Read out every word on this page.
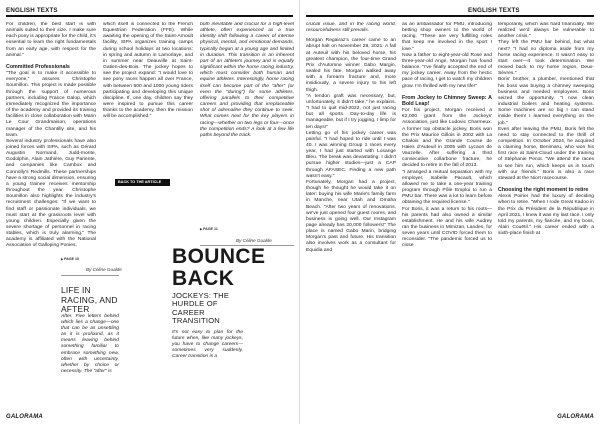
ENGLISH TEXTS

For children, the best start is with animals suited to their size. I make sure each pony is appropriate for the child, it's essential to learn the right fundamentals from an early age, with respect for the animal."

Committed Professionals

"The goal is to make it accessible to everyone," assures Christophe Soumillon. This project is made possible through the support of numerous partners, including France Galop, which immediately recognized the importance of the academy and provided its training facilities in close collaboration with Marin Le Cour Grandmaison, operations manager of the Chantilly site, and his team.

Several industry professionals have also joined forces with SIPA, such as Gérard Augustin Normand, Judd-monte, Godolphin, Alain Jathière, Guy Pariente, and companies like Cambox and Connolly's Redmills. These partnerships have a strong social dimension, ensuring a young trainee receives mentorship throughout the year. Christophe Soumillon also highlights the industry's recruitment challenges: "If we want to find staff or passionate individuals, we must start at the grassroots level with young children. Especially given the severe shortage of personnel in racing stables, which is truly alarming." The academy is affiliated with the National Association of Galloping Ponies,

which itself is connected to the French Equestrian Federation (FFE). While awaiting the opening of the Saint-Arnoult facility, SIPA organizes training camps during school holidays at two locations: in spring and autumn in Lamorlaye, and in summer near Deauville at Saint-Gatien-des-Bois. The jockey hopes to see the project expand: "I would love to see pony races happen all over France, with between 500 and 1000 young riders participating and developing this unique discipline. If, one day, children say they were inspired to pursue this career thanks to the academy, then the mission will be accomplished."

BACK TO THE ARTICLE

both inevitable and crucial for a high-level athlete, often experienced as a true identity shift following a career of intense physical, mental, and emotional demands, typically begun at a young age and limited in duration. This transition is an inherent part of an athlete's journey and is equally significant within the horse racing industry, which must consider both human and equine athletes. Interestingly, horse racing itself can become part of the "after" (or even the "during") for some athletes, offering parallels to their competitive careers and providing that irreplaceable shot of adrenaline they continue to seek. What comes next for the key players in racing—whether on two legs or four—once the competition ends? A look at a few life paths beyond the track.

▶ PAGE 11
By Céline Gualde
▶ PAGE 10
By Céline Gualde
LIFE IN RACING, AND AFTER
After. Five letters behind which lies a change—one that can be as unsettling as it is profound, as it means leaving behind something familiar to embrace something new, often with uncertainty, whether by choice or necessity. The "after" is
BOUNCE BACK
JOCKEYS: THE HURDLE OF CAREER TRANSITION
It's not easy to plan for the future when, like many jockeys, you have to change careers—sometimes very suddenly. Career transition is a
GALORAMA
ENGLISH TEXTS

crucial issue, and in the racing world, resourcefulness still prevails.

Morgan Regairaz's career came to an abrupt halt on November 28, 2021. A fall at Auteuil with his beloved horse, his greatest champion, the four-time Grand Prix d'Automne winner Gabo Margin, sealed his fate. Morgan walked away with a forearm fracture and, more insidiously, a severe injury to his left thigh.

"A tendon graft was necessary, but, unfortunately, it didn't take," he explains. "I had to quit mid-2022, not just racing but all sports. Day-to-day life is manageable, but if I try jogging, I limp for ten days!"

Letting go of his jockey career was painful. "I had hoped to ride until I was 40. I was winning Group 1 races every year, I had just started with Losange Bleu. The break was devastating. I didn't pursue higher studies—just a CAP through AFASEC. Finding a new path wasn't easy."

Fortunately, Morgan had a project, though he thought he would take it on later: buying his wife Marie's family farm in Manche, near Utah and Omaha Beach. "After two years of renovations, we've just opened four guest rooms, and business is going well. Our Instagram page already has 20,000 followers!" The place is named Gabo Marin, bridging Morgan's past and future. His transition also involves work as a consultant for Equidia and

as an ambassador for PMU, introducing betting shop owners to the world of racing. "These are very fulfilling roles that keep me involved in the sport I love."

Now a father to eight-year-old Rose and three-year-old Ange, Morgan has found balance. "I've finally accepted the end of my jockey career. Away from the hectic pace of racing, I get to watch my children grow. I'm thrilled with my new life!"

From Jockey to Chimney Sweep: A Bold Leap!

For his project, Morgan received a €2,000 grant from the Jockeys' Association, just like Ludovic Charmeux. A former top obstacle jockey, Boris won the Prix Maurice Gillois in 2002 with La Chalois and the Grande Course de Haies d'Auteuil in 2005 with Lycaon de Vauzelle. After suffering a third consecutive collarbone fracture, he decided to retire in the fall of 2013.

"I arranged a mutual separation with my employer, Isabelle Pacault, which allowed me to take a one-year training program through Pôle Emploi to run a PMU bar. There was a lot to learn before obtaining the required license."

For Boris, it was a return to his roots—his parents had also owned a similar establishment. He and his wife Audrey ran the business in Mimizan, Landes, for seven years until COVID forced them to reconsider. "The pandemic forced us to close

temporarily, which was hard financially. We realized we'd always be vulnerable to another crisis."

They left the PMU bar behind, but what next? "I had no diploma aside from my horse racing experience. It wasn't easy to start over—it took determination. We moved back to my home region, Deux-Sèvres."

Boris' brother, a plumber, mentioned that his boss was buying a chimney sweeping business and needed employees. Boris seized the opportunity. "I now clean industrial boilers and heating systems. Some machines are so big I can stand inside them! I learned everything on the job."

Even after leaving the PMU, Boris felt the need to stay connected to the thrill of competition. In October 2024, he acquired a claiming horse, Benimaru, who won his first race at Saint-Cloud under the training of Stéphanie Penot. "We attend the races to see him run, which keeps us in touch with our friends." Boris is also a race steward at the Niort racecourse.

Choosing the right moment to retire

Alexis Poirier had the luxury of deciding when to retire. "When I rode Great Kadoo in the Prix du Président de la République in April 2021, I knew it was my last race. I only told my parents, my fiancée, and my boss, Alain Couëtil." His career ended with a sixth-place finish at

GALORAMA
